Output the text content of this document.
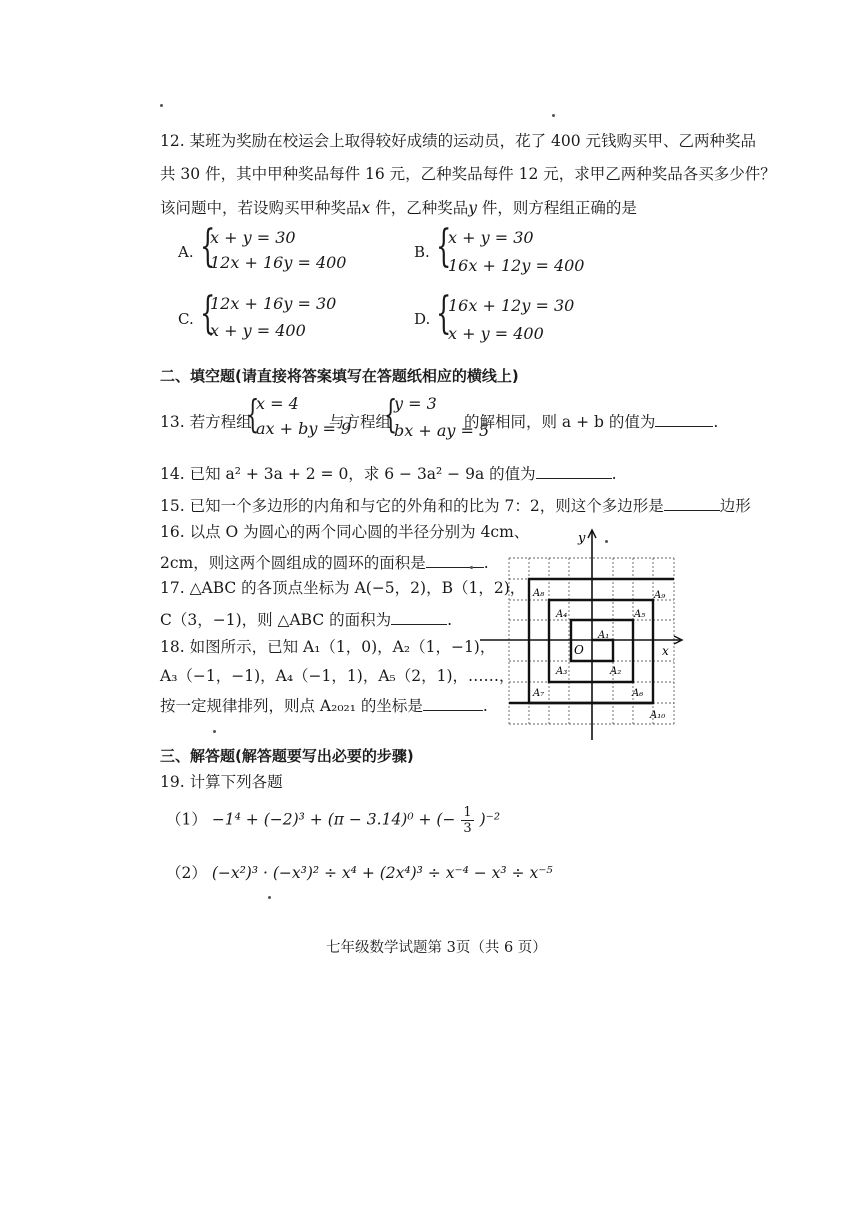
12. 某班为奖励在校运会上取得较好成绩的运动员，花了 400 元钱购买甲、乙两种奖品
共 30 件，其中甲种奖品每件 16 元，乙种奖品每件 12 元，求甲乙两种奖品各买多少件？
该问题中，若设购买甲种奖品x 件，乙种奖品y 件，则方程组正确的是
A. {
x + y = 30
12x + 16y = 400
B. {
x + y = 30
16x + 12y = 400
C. {
12x + 16y = 30
x + y = 400
D. {
16x + 12y = 30
x + y = 400
二、填空题(请直接将答案填写在答题纸相应的横线上)
13. 若方程组
{
x = 4
ax + by = 9
与方程组
{
y = 3
bx + ay = 5
的解相同，则 a + b 的值为	.
14. 已知 a² + 3a + 2 = 0，求 6 − 3a² − 9a 的值为	.
15. 已知一个多边形的内角和与它的外角和的比为 7：2，则这个多边形是	边形
16. 以点 O 为圆心的两个同心圆的半径分别为 4cm、
2cm，则这两个圆组成的圆环的面积是	.
17. △ABC 的各顶点坐标为 A(−5，2)，B（1，2)，
C（3，−1)，则 △ABC 的面积为	.
18. 如图所示，已知 A₁（1，0)，A₂（1，−1)，
A₃（−1，−1)，A₄（−1，1)，A₅（2，1)，……，
按一定规律排列，则点 A₂₀₂₁ 的坐标是	.
y
x
O
A₁
A₂
A₃
A₄	A₅
A₆
A₇
A₈	A₉
A₁₀
三、解答题(解答题要写出必要的步骤)
19. 计算下列各题
（1） −1⁴ + (−2)³ + (π − 3.14)⁰ + (− $\frac{1}{3} )^{-2}$
（2） (−x²)³ · (−x³)² ÷ x⁴ + (2x⁴)³ ÷ x⁻⁴ − x³ ÷ x⁻⁵
七年级数学试题第 3页（共 6 页）
